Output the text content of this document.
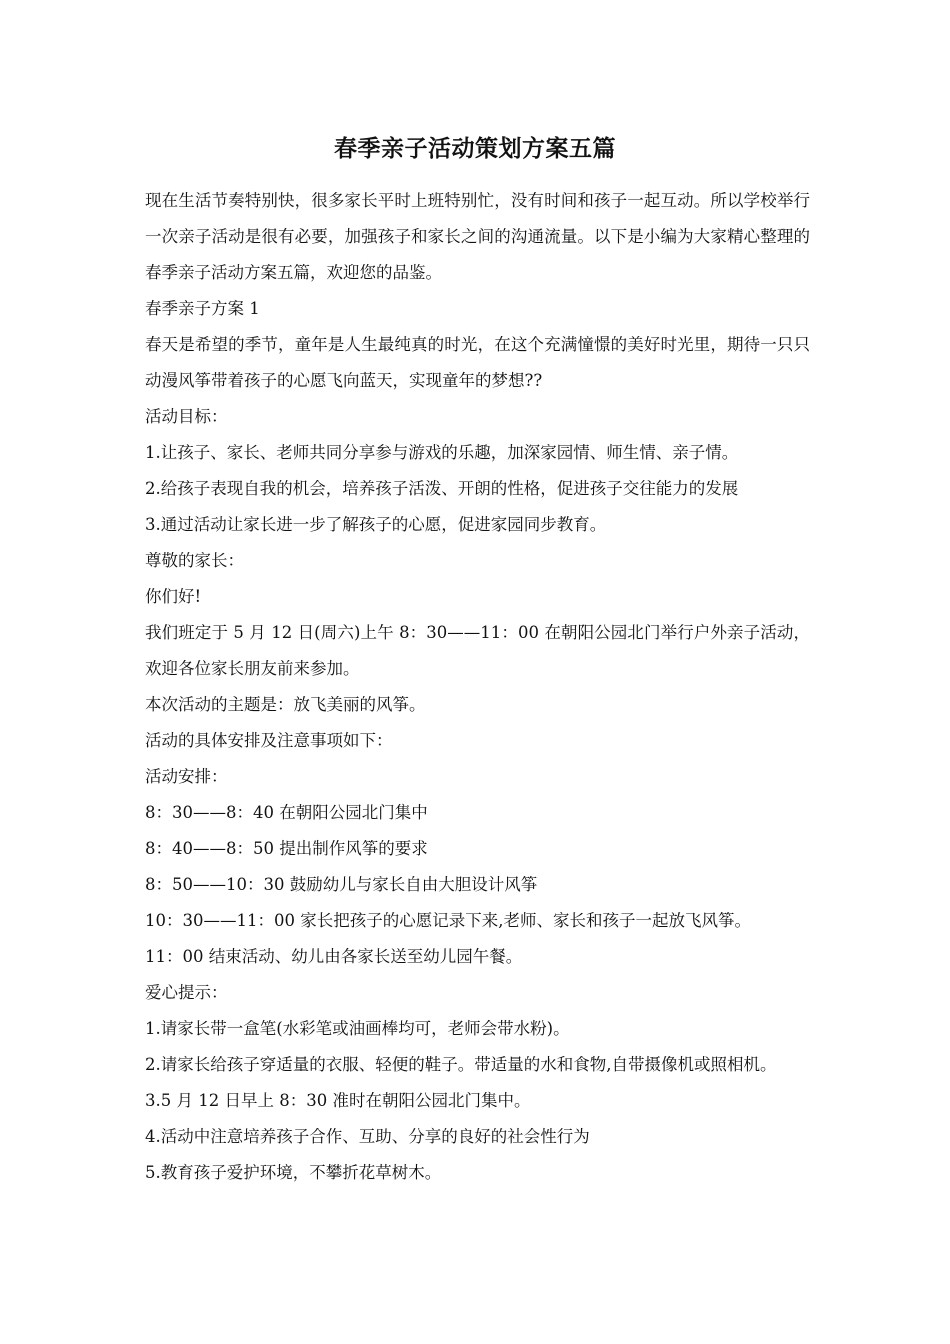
春季亲子活动策划方案五篇

现在生活节奏特别快，很多家长平时上班特别忙，没有时间和孩子一起互动。所以学校举行一次亲子活动是很有必要，加强孩子和家长之间的沟通流量。以下是小编为大家精心整理的春季亲子活动方案五篇，欢迎您的品鉴。

春季亲子方案 1

春天是希望的季节，童年是人生最纯真的时光，在这个充满憧憬的美好时光里，期待一只只动漫风筝带着孩子的心愿飞向蓝天，实现童年的梦想??

活动目标：

1.让孩子、家长、老师共同分享参与游戏的乐趣，加深家园情、师生情、亲子情。

2.给孩子表现自我的机会，培养孩子活泼、开朗的性格，促进孩子交往能力的发展

3.通过活动让家长进一步了解孩子的心愿，促进家园同步教育。

尊敬的家长：

你们好!

我们班定于 5 月 12 日(周六)上午 8：30——11：00 在朝阳公园北门举行户外亲子活动，欢迎各位家长朋友前来参加。

本次活动的主题是：放飞美丽的风筝。

活动的具体安排及注意事项如下：

活动安排：

8：30——8：40 在朝阳公园北门集中

8：40——8：50 提出制作风筝的要求

8：50——10：30 鼓励幼儿与家长自由大胆设计风筝

10：30——11：00 家长把孩子的心愿记录下来,老师、家长和孩子一起放飞风筝。

11：00 结束活动、幼儿由各家长送至幼儿园午餐。

爱心提示：

1.请家长带一盒笔(水彩笔或油画棒均可，老师会带水粉)。

2.请家长给孩子穿适量的衣服、轻便的鞋子。带适量的水和食物,自带摄像机或照相机。

3.5 月 12 日早上 8：30 准时在朝阳公园北门集中。

4.活动中注意培养孩子合作、互助、分享的良好的社会性行为

5.教育孩子爱护环境，不攀折花草树木。
